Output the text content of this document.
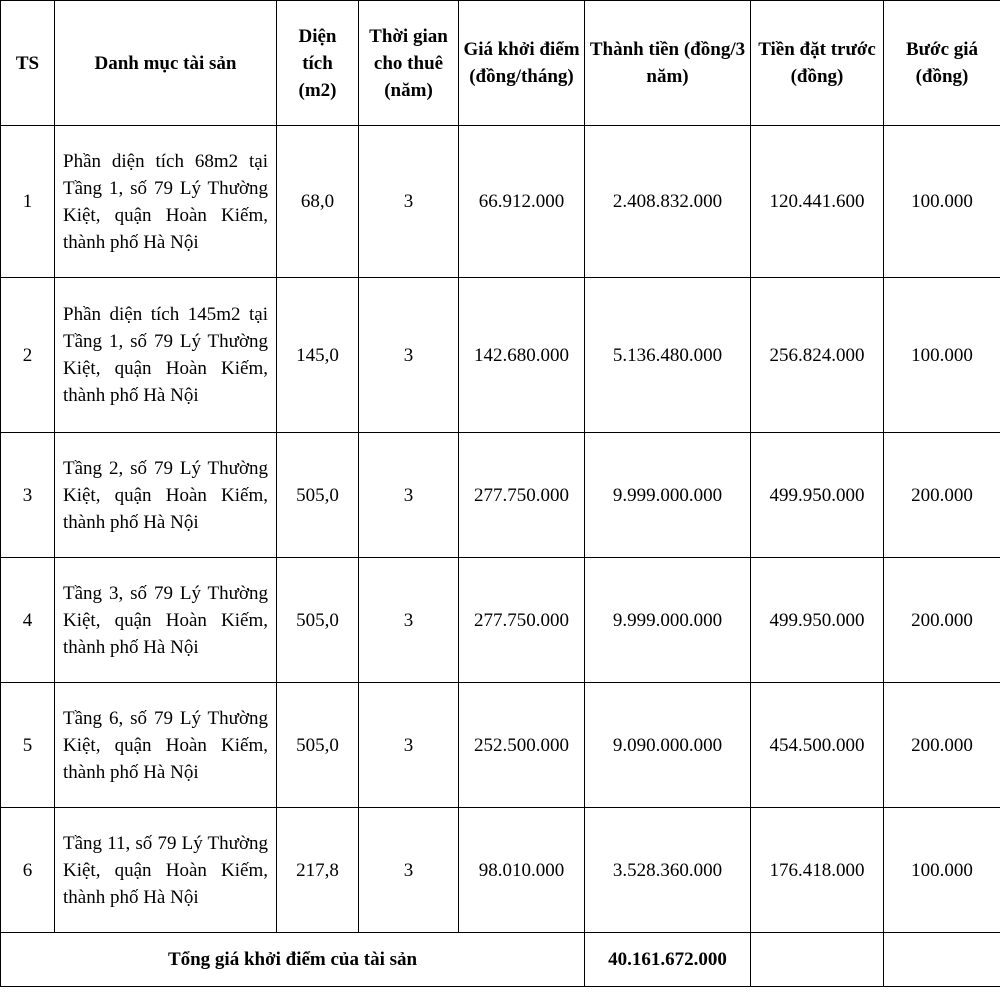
TS	Danh mục tài sản	Diện tích (m2)	Thời gian cho thuê (năm)	Giá khởi điểm (đồng/tháng)	Thành tiền (đồng/3 năm)	Tiền đặt trước (đồng)	Bước giá (đồng)
1	Phần diện tích 68m2 tại Tầng 1, số 79 Lý Thường Kiệt, quận Hoàn Kiếm, thành phố Hà Nội	68,0	3	66.912.000	2.408.832.000	120.441.600	100.000
2	Phần diện tích 145m2 tại Tầng 1, số 79 Lý Thường Kiệt, quận Hoàn Kiếm, thành phố Hà Nội	145,0	3	142.680.000	5.136.480.000	256.824.000	100.000
3	Tầng 2, số 79 Lý Thường Kiệt, quận Hoàn Kiếm, thành phố Hà Nội	505,0	3	277.750.000	9.999.000.000	499.950.000	200.000
4	Tầng 3, số 79 Lý Thường Kiệt, quận Hoàn Kiếm, thành phố Hà Nội	505,0	3	277.750.000	9.999.000.000	499.950.000	200.000
5	Tầng 6, số 79 Lý Thường Kiệt, quận Hoàn Kiếm, thành phố Hà Nội	505,0	3	252.500.000	9.090.000.000	454.500.000	200.000
6	Tầng 11, số 79 Lý Thường Kiệt, quận Hoàn Kiếm, thành phố Hà Nội	217,8	3	98.010.000	3.528.360.000	176.418.000	100.000
Tổng giá khởi điểm của tài sản					40.161.672.000		
